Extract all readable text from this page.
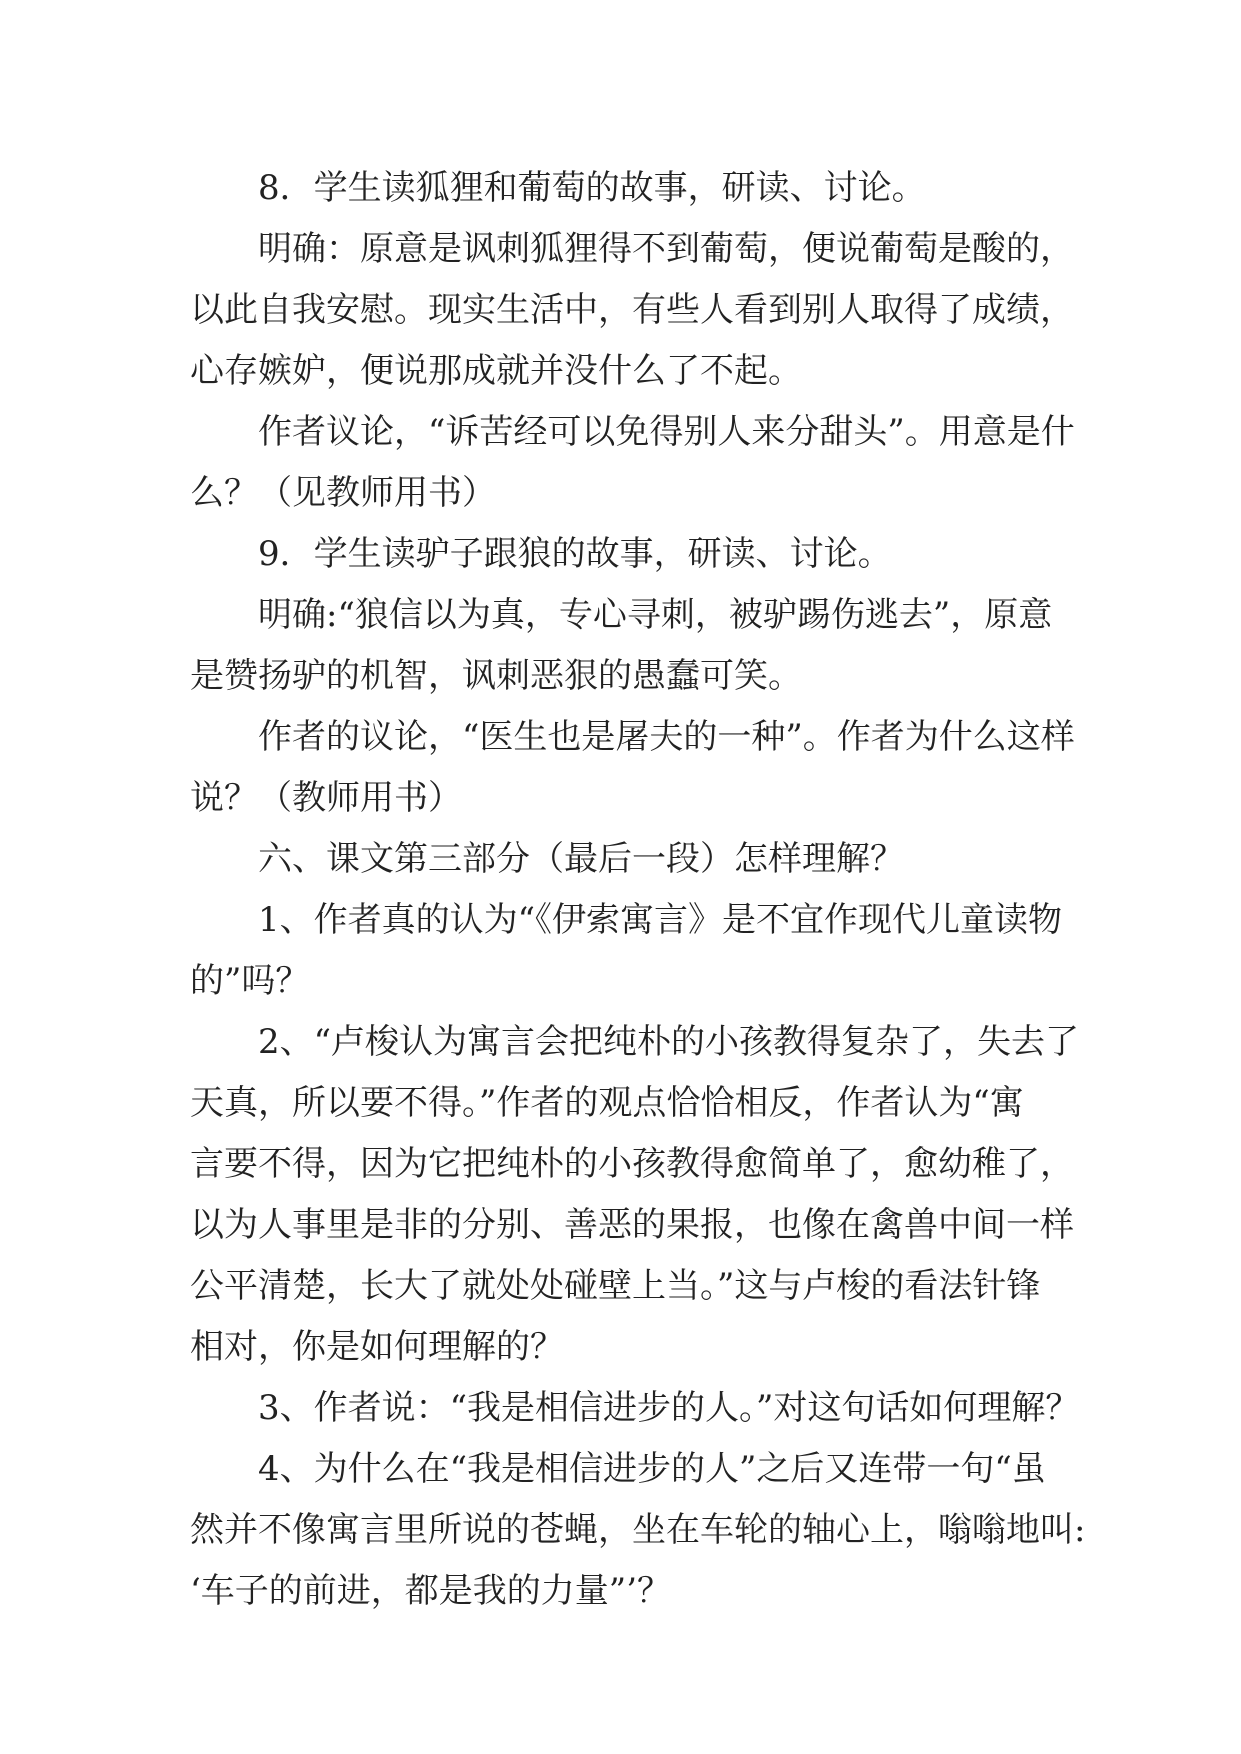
8．学生读狐狸和葡萄的故事，研读、讨论。
明确：原意是讽刺狐狸得不到葡萄，便说葡萄是酸的，
以此自我安慰。现实生活中，有些人看到别人取得了成绩，
心存嫉妒，便说那成就并没什么了不起。
作者议论，“诉苦经可以免得别人来分甜头”。用意是什
么？（见教师用书）
9．学生读驴子跟狼的故事，研读、讨论。
明确:“狼信以为真，专心寻刺，被驴踢伤逃去”，原意
是赞扬驴的机智，讽刺恶狠的愚蠢可笑。
作者的议论，“医生也是屠夫的一种”。作者为什么这样
说？（教师用书）
六、课文第三部分（最后一段）怎样理解？
1、作者真的认为“《伊索寓言》是不宜作现代儿童读物
的”吗？
2、“卢梭认为寓言会把纯朴的小孩教得复杂了，失去了
天真，所以要不得。”作者的观点恰恰相反，作者认为“寓
言要不得，因为它把纯朴的小孩教得愈简单了，愈幼稚了，
以为人事里是非的分别、善恶的果报，也像在禽兽中间一样
公平清楚，长大了就处处碰壁上当。”这与卢梭的看法针锋
相对，你是如何理解的？
3、作者说：“我是相信进步的人。”对这句话如何理解？
4、为什么在“我是相信进步的人”之后又连带一句“虽
然并不像寓言里所说的苍蝇，坐在车轮的轴心上，嗡嗡地叫:
‘车子的前进，都是我的力量”’？
